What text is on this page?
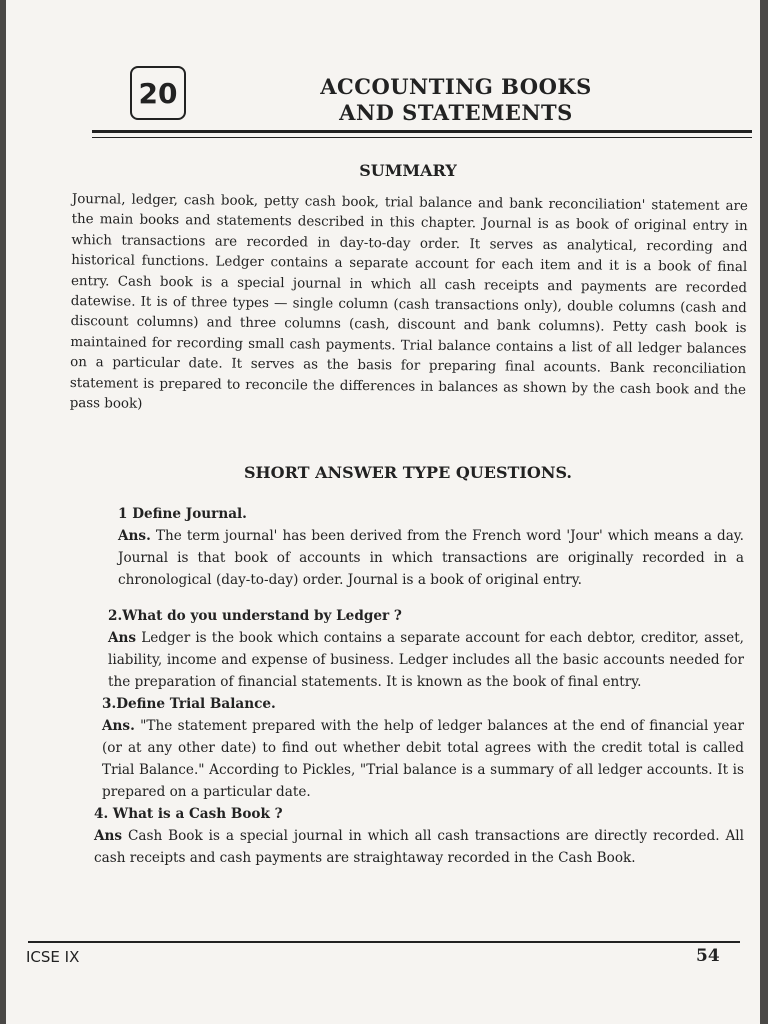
20	ACCOUNTING BOOKS
AND STATEMENTS
SUMMARY
Journal, ledger, cash book, petty cash book, trial balance and bank reconciliation' statement are the main books and statements described in this chapter. Journal is as book of original entry in which transactions are recorded in day-to-day order. It serves as analytical, recording and historical functions. Ledger contains a separate account for each item and it is a book of final entry. Cash book is a special journal in which all cash receipts and payments are recorded datewise. It is of three types — single column (cash transactions only), double columns (cash and discount columns) and three columns (cash, discount and bank columns). Petty cash book is maintained for recording small cash payments. Trial balance contains a list of all ledger balances on a particular date. It serves as the basis for preparing final acounts. Bank reconciliation statement is prepared to reconcile the differences in balances as shown by the cash book and the pass book)
SHORT ANSWER TYPE QUESTIONS.
1 Define Journal.
Ans. The term journal' has been derived from the French word 'Jour' which means a day. Journal is that book of accounts in which transactions are originally recorded in a chronological (day-to-day) order. Journal is a book of original entry.
2.What do you understand by Ledger ?
Ans Ledger is the book which contains a separate account for each debtor, creditor, asset, liability, income and expense of business. Ledger includes all the basic accounts needed for the preparation of financial statements. It is known as the book of final entry.
3.Define Trial Balance.
Ans. "The statement prepared with the help of ledger balances at the end of financial year (or at any other date) to find out whether debit total agrees with the credit total is called Trial Balance." According to Pickles, "Trial balance is a summary of all ledger accounts. It is prepared on a particular date.
4. What is a Cash Book ?
Ans Cash Book is a special journal in which all cash transactions are directly recorded. All cash receipts and cash payments are straightaway recorded in the Cash Book.
ICSE IX	54
